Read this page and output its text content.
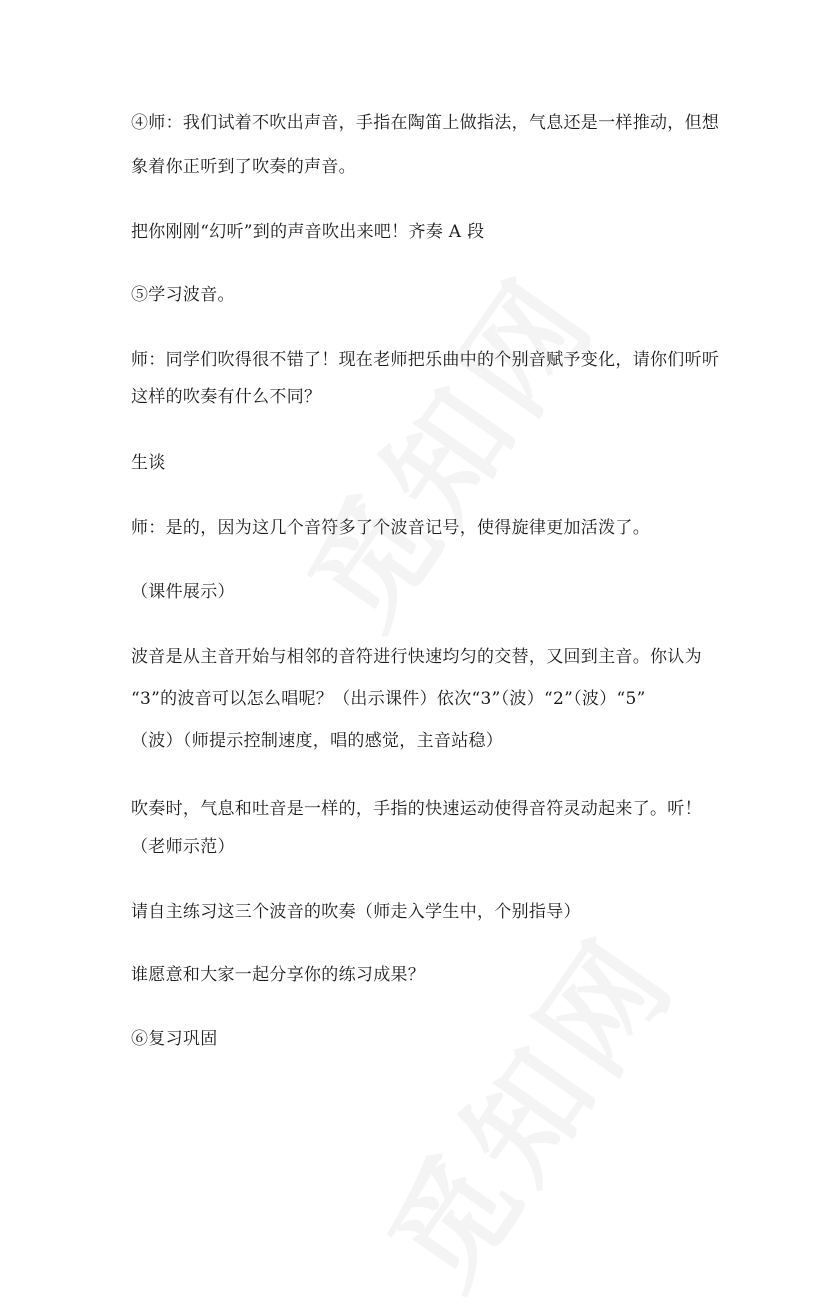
④师：我们试着不吹出声音，手指在陶笛上做指法，气息还是一样推动，但想
象着你正听到了吹奏的声音。
把你刚刚“幻听”到的声音吹出来吧！齐奏 A 段
⑤学习波音。
师：同学们吹得很不错了！现在老师把乐曲中的个别音赋予变化，请你们听听
这样的吹奏有什么不同？
生谈
师：是的，因为这几个音符多了个波音记号，使得旋律更加活泼了。
（课件展示）
波音是从主音开始与相邻的音符进行快速均匀的交替，又回到主音。你认为
“3”的波音可以怎么唱呢？（出示课件）依次“3”（波）“2”（波）“5”
（波）（师提示控制速度，唱的感觉，主音站稳）
吹奏时，气息和吐音是一样的，手指的快速运动使得音符灵动起来了。听！
（老师示范）
请自主练习这三个波音的吹奏（师走入学生中，个别指导）
谁愿意和大家一起分享你的练习成果？
⑥复习巩固
